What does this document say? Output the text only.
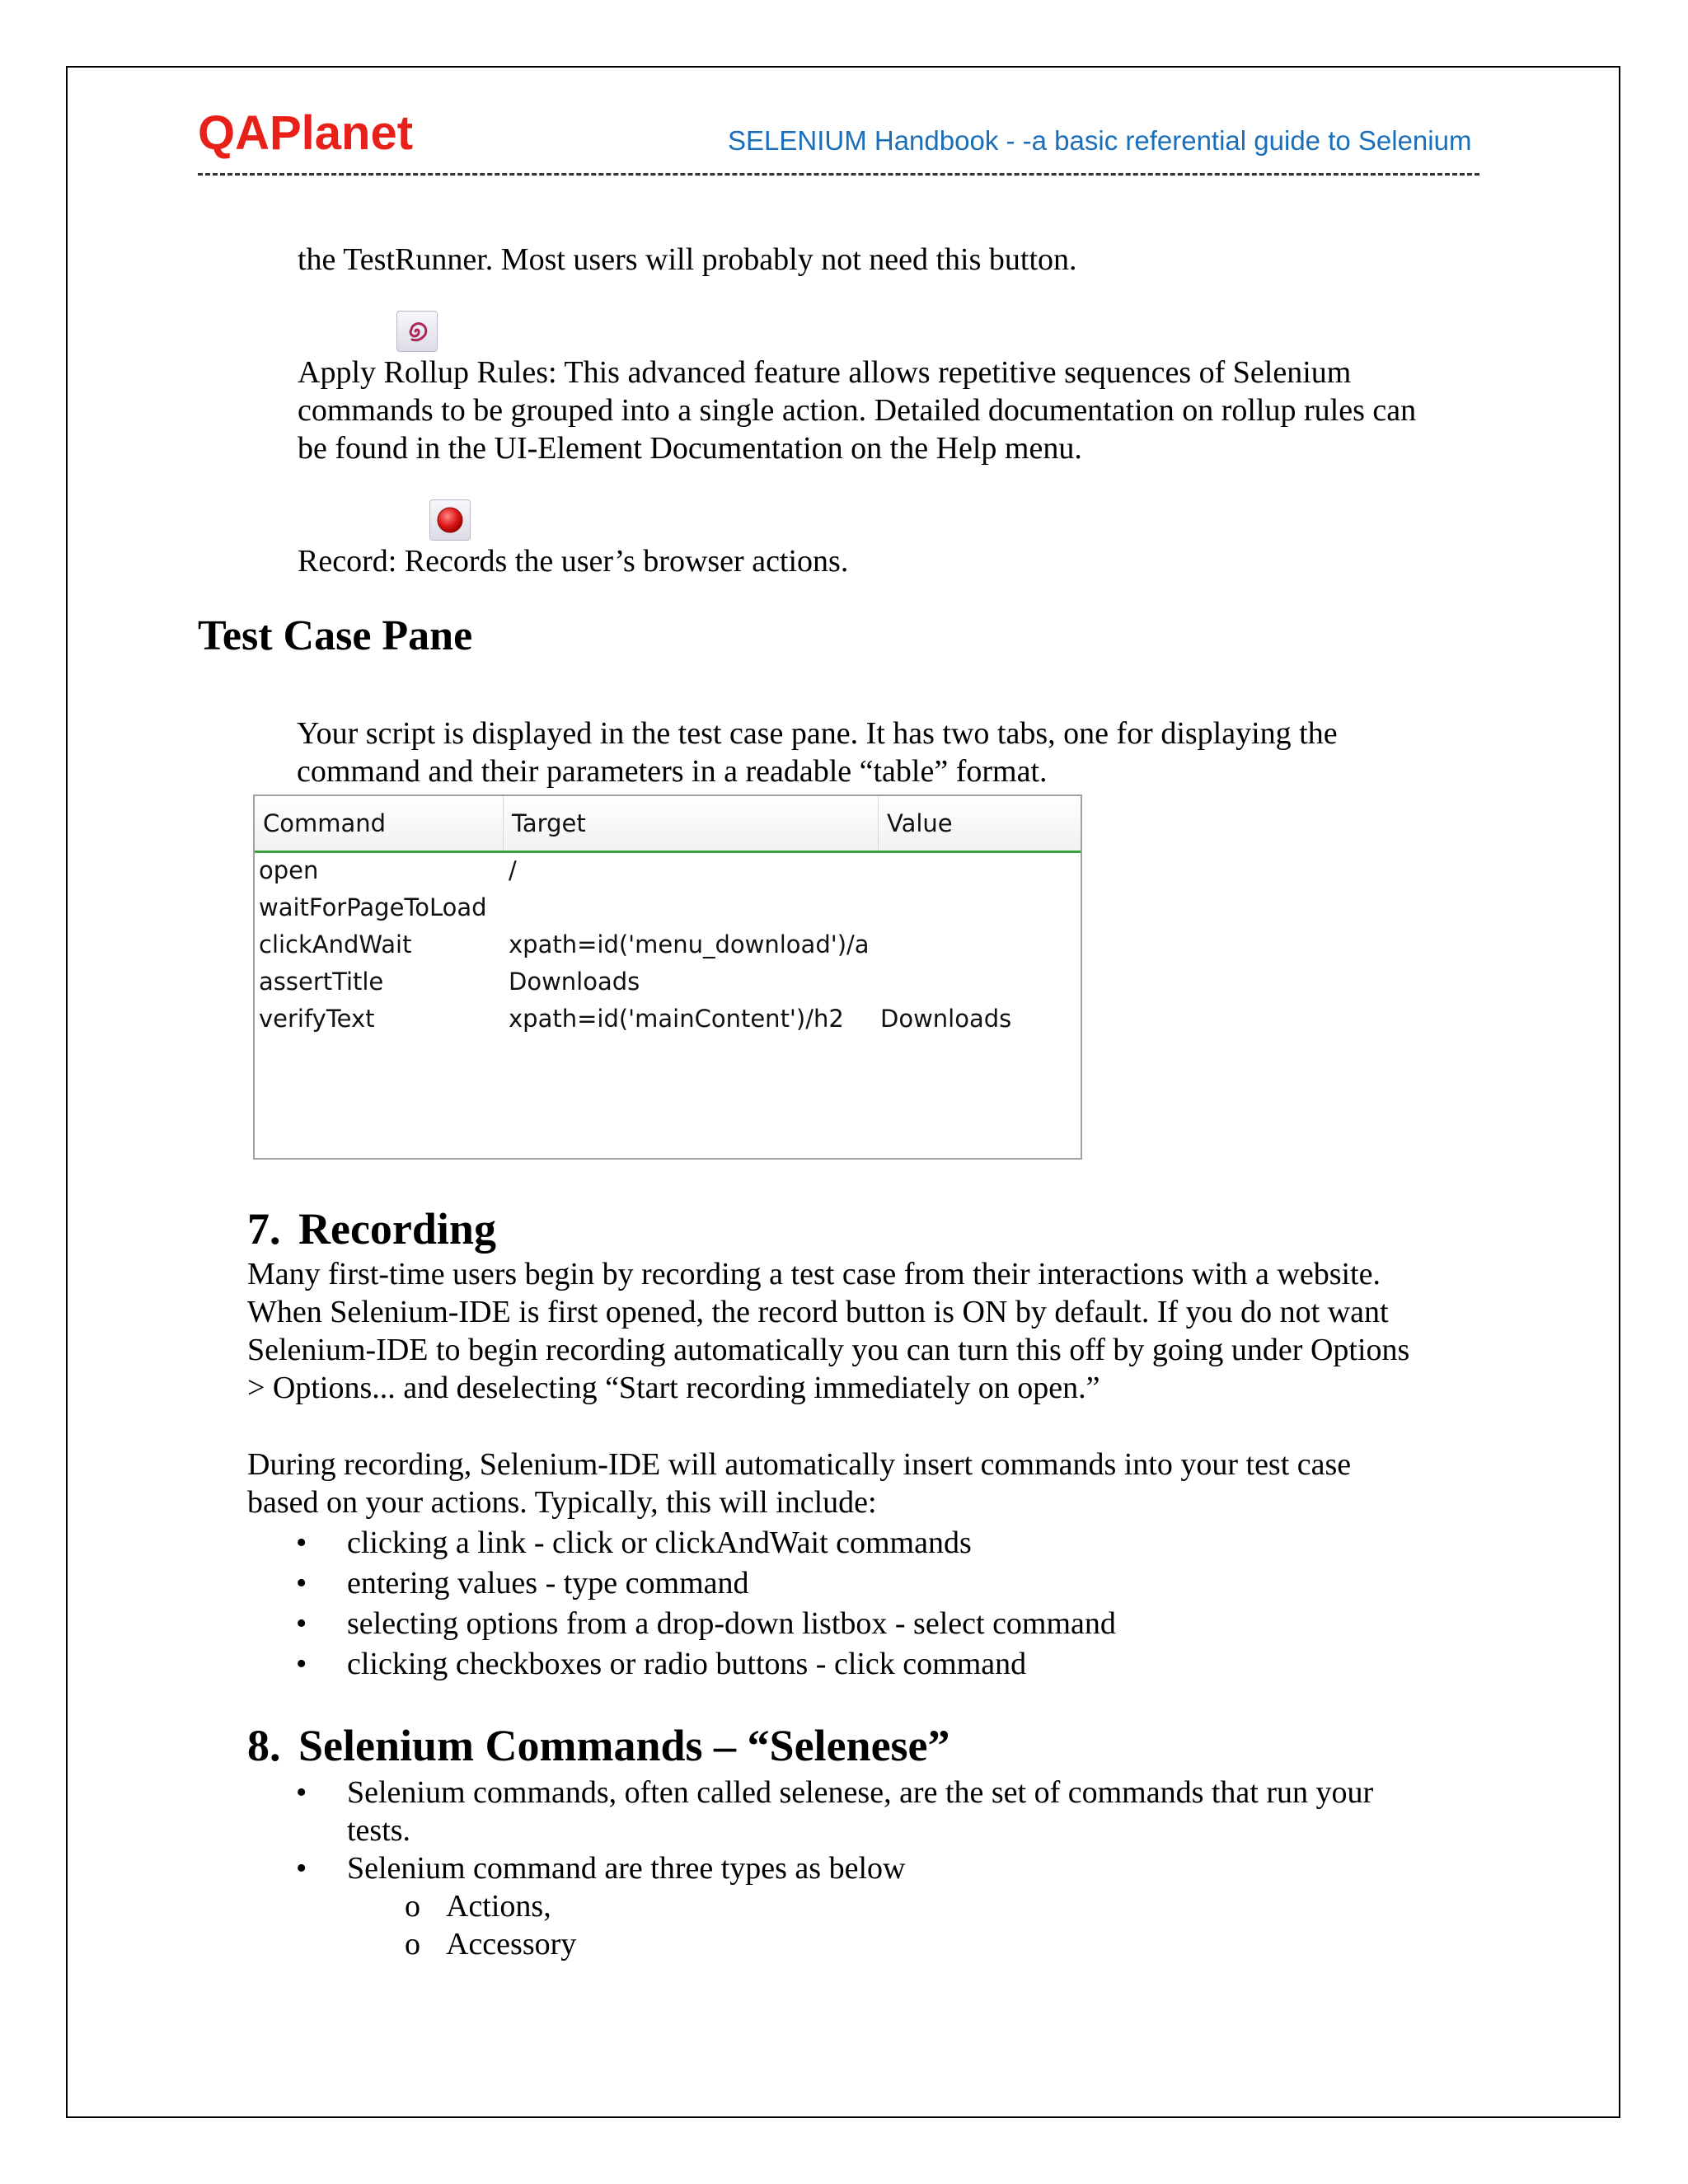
QAPlanet	SELENIUM Handbook - -a basic referential guide to Selenium
the TestRunner. Most users will probably not need this button.
Apply Rollup Rules: This advanced feature allows repetitive sequences of Selenium
commands to be grouped into a single action. Detailed documentation on rollup rules can
be found in the UI-Element Documentation on the Help menu.
Record: Records the user’s browser actions.
Test Case Pane
Your script is displayed in the test case pane. It has two tabs, one for displaying the
command and their parameters in a readable “table” format.
Command	Target	Value
open	/
waitForPageToLoad
clickAndWait	xpath=id('menu_download')/a
assertTitle	Downloads
verifyText	xpath=id('mainContent')/h2 Downloads
7. Recording
Many first-time users begin by recording a test case from their interactions with a website.
When Selenium-IDE is first opened, the record button is ON by default. If you do not want
Selenium-IDE to begin recording automatically you can turn this off by going under Options
> Options... and deselecting “Start recording immediately on open.”
During recording, Selenium-IDE will automatically insert commands into your test case
based on your actions. Typically, this will include:
• clicking a link - click or clickAndWait commands
• entering values - type command
• selecting options from a drop-down listbox - select command
• clicking checkboxes or radio buttons - click command
8. Selenium Commands – “Selenese”
• Selenium commands, often called selenese, are the set of commands that run your
tests.
• Selenium command are three types as below
o Actions,
o Accessory
